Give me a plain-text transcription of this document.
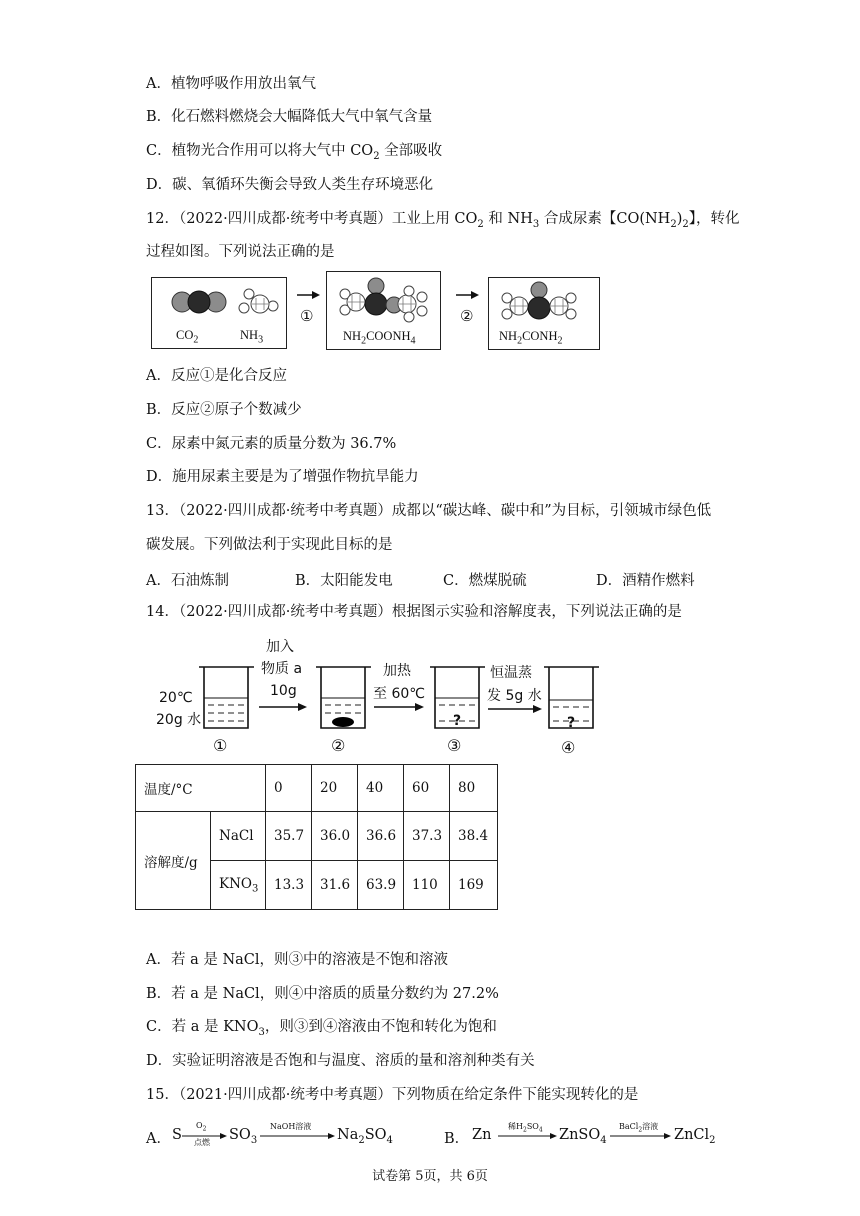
A．植物呼吸作用放出氧气
B．化石燃料燃烧会大幅降低大气中氧气含量
C．植物光合作用可以将大气中 $CO_2$ 全部吸收
D．碳、氧循环失衡会导致人类生存环境恶化
12．（2022·四川成都·统考中考真题）工业上用 $CO_2$ 和 $NH_3$ 合成尿素【$CO(NH_2)_2$】，转化
过程如图。下列说法正确的是
$CO_2$	$NH_3$
①
$NH_2COONH_4$
②
$NH_2CONH_2$
A．反应①是化合反应
B．反应②原子个数减少
C．尿素中氮元素的质量分数为 36.7%
D．施用尿素主要是为了增强作物抗旱能力
13．（2022·四川成都·统考中考真题）成都以“碳达峰、碳中和”为目标，引领城市绿色低
碳发展。下列做法利于实现此目标的是
A．石油炼制	B．太阳能发电	C．燃煤脱硫	D．酒精作燃料
14．（2022·四川成都·统考中考真题）根据图示实验和溶解度表，下列说法正确的是
20℃
20g 水
①
加入
物质 a
10g
②
加热
至 60℃
?
③
恒温蒸
发 5g 水
?
④
温度/°C		0	20	40	60	80
溶解度/g	NaCl	35.7	36.0	36.6	37.3	38.4
	$KNO_3$	13.3	31.6	63.9	110	169
A．若 a 是 NaCl，则③中的溶液是不饱和溶液
B．若 a 是 NaCl，则④中溶质的质量分数约为 27.2%
C．若 a 是 $KNO_3$，则③到④溶液由不饱和转化为饱和
D．实验证明溶液是否饱和与温度、溶质的量和溶剂种类有关
15．（2021·四川成都·统考中考真题）下列物质在给定条件下能实现转化的是
A． S
$O_2$
点燃 $SO_3$
NaOH溶液
$Na_2SO_4$	B． Zn
稀$H_2SO_4$ ZnSO$_4$
BaCl$_2$溶液
ZnCl$_2$
试卷第 5页，共 6页
